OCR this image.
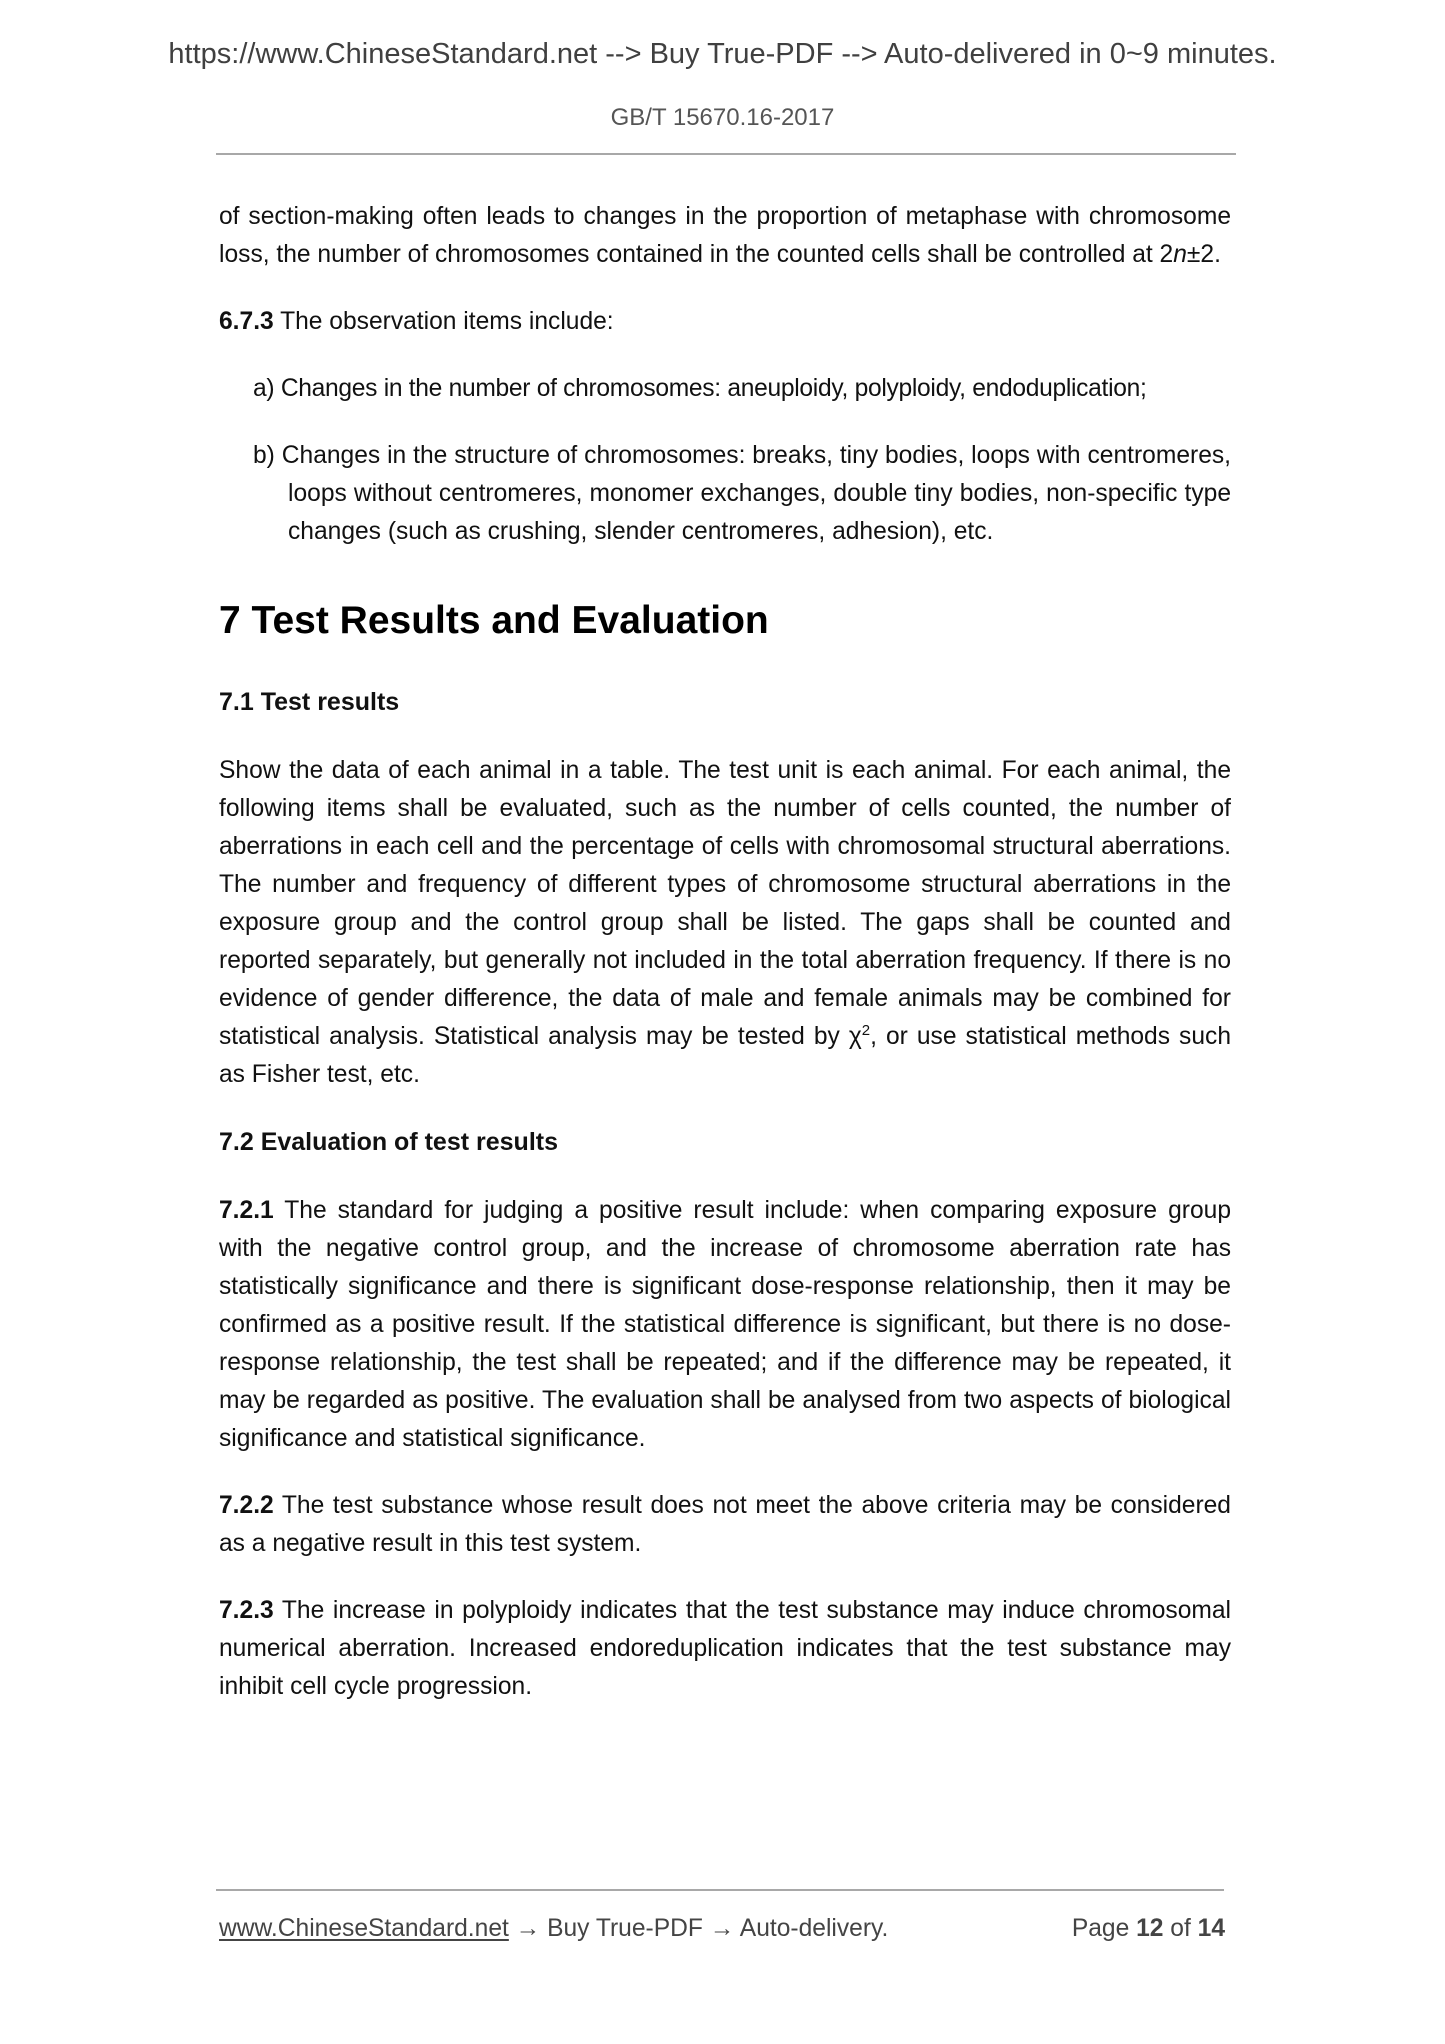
https://www.ChineseStandard.net --> Buy True-PDF --> Auto-delivered in 0~9 minutes.
GB/T 15670.16-2017

of section-making often leads to changes in the proportion of metaphase with chromosome loss, the number of chromosomes contained in the counted cells shall be controlled at 2n±2.

6.7.3 The observation items include:

a) Changes in the number of chromosomes: aneuploidy, polyploidy, endoduplication;
b) Changes in the structure of chromosomes: breaks, tiny bodies, loops with centromeres, loops without centromeres, monomer exchanges, double tiny bodies, non-specific type changes (such as crushing, slender centromeres, adhesion), etc.
7 Test Results and Evaluation
7.1 Test results

Show the data of each animal in a table. The test unit is each animal. For each animal, the following items shall be evaluated, such as the number of cells counted, the number of aberrations in each cell and the percentage of cells with chromosomal structural aberrations. The number and frequency of different types of chromosome structural aberrations in the exposure group and the control group shall be listed. The gaps shall be counted and reported separately, but generally not included in the total aberration frequency. If there is no evidence of gender difference, the data of male and female animals may be combined for statistical analysis. Statistical analysis may be tested by $\chi^2$, or use statistical methods such as Fisher test, etc.

7.2 Evaluation of test results

7.2.1 The standard for judging a positive result include: when comparing exposure group with the negative control group, and the increase of chromosome aberration rate has statistically significance and there is significant dose-response relationship, then it may be confirmed as a positive result. If the statistical difference is significant, but there is no dose-response relationship, the test shall be repeated; and if the difference may be repeated, it may be regarded as positive. The evaluation shall be analysed from two aspects of biological significance and statistical significance.

7.2.2 The test substance whose result does not meet the above criteria may be considered as a negative result in this test system.

7.2.3 The increase in polyploidy indicates that the test substance may induce chromosomal numerical aberration. Increased endoreduplication indicates that the test substance may inhibit cell cycle progression.

www.ChineseStandard.net → Buy True-PDF → Auto-delivery.	Page 12 of 14
